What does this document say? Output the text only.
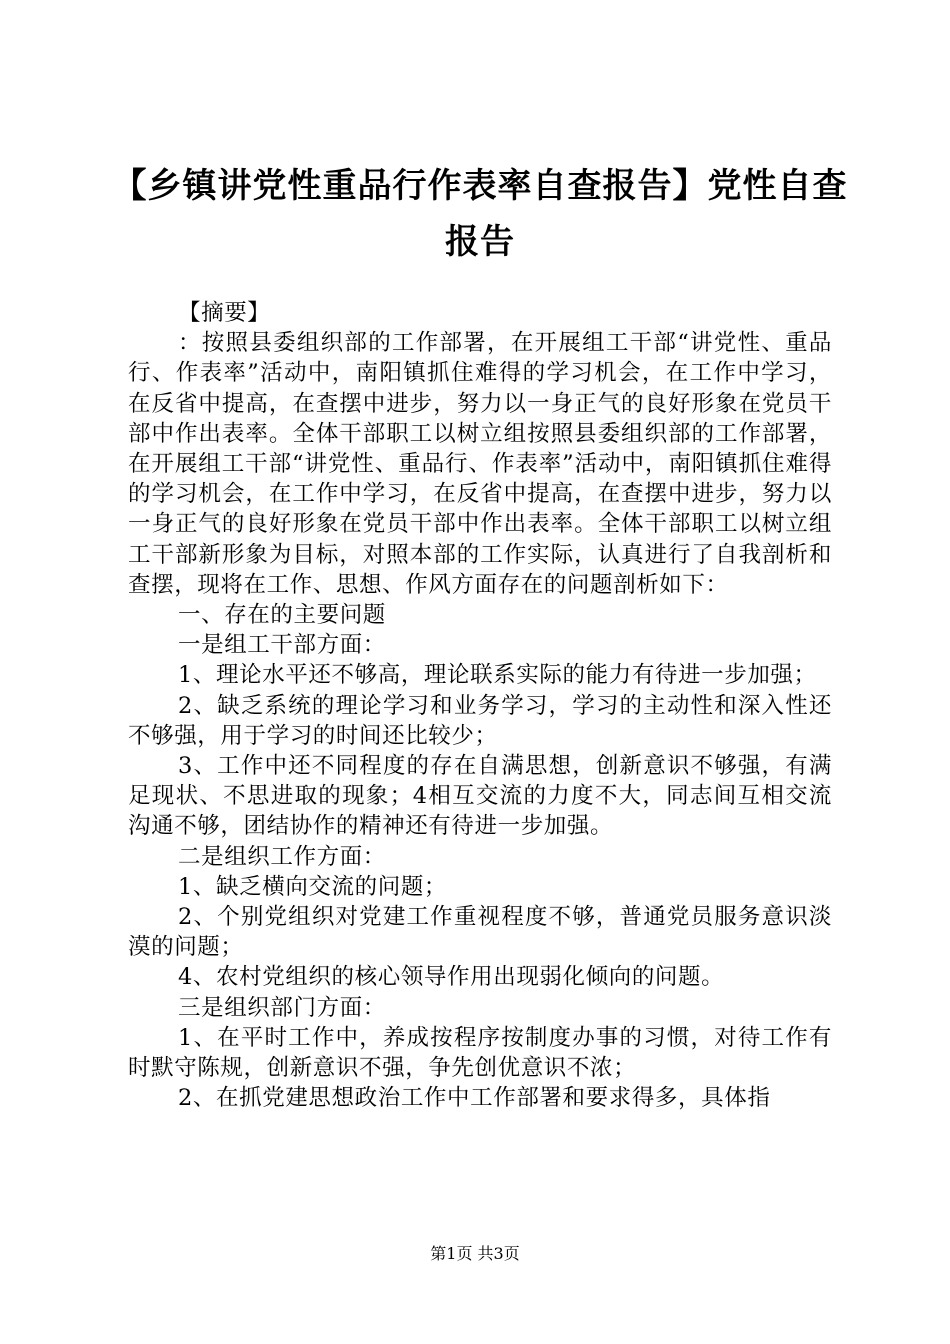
【乡镇讲党性重品行作表率自查报告】党性自查报告

【摘要】

：按照县委组织部的工作部署，在开展组工干部“讲党性、重品行、作表率”活动中，南阳镇抓住难得的学习机会，在工作中学习，在反省中提高，在查摆中进步，努力以一身正气的良好形象在党员干部中作出表率。全体干部职工以树立组按照县委组织部的工作部署，在开展组工干部“讲党性、重品行、作表率”活动中，南阳镇抓住难得的学习机会，在工作中学习，在反省中提高，在查摆中进步，努力以一身正气的良好形象在党员干部中作出表率。全体干部职工以树立组工干部新形象为目标，对照本部的工作实际，认真进行了自我剖析和查摆，现将在工作、思想、作风方面存在的问题剖析如下：

一、存在的主要问题

一是组工干部方面：

1、理论水平还不够高，理论联系实际的能力有待进一步加强；

2、缺乏系统的理论学习和业务学习，学习的主动性和深入性还不够强，用于学习的时间还比较少；

3、工作中还不同程度的存在自满思想，创新意识不够强，有满足现状、不思进取的现象；4相互交流的力度不大，同志间互相交流沟通不够，团结协作的精神还有待进一步加强。

二是组织工作方面：

1、缺乏横向交流的问题；

2、个别党组织对党建工作重视程度不够，普通党员服务意识淡漠的问题；

4、农村党组织的核心领导作用出现弱化倾向的问题。

三是组织部门方面：

1、在平时工作中，养成按程序按制度办事的习惯，对待工作有时默守陈规，创新意识不强，争先创优意识不浓；

2、在抓党建思想政治工作中工作部署和要求得多，具体指

第1页 共3页
